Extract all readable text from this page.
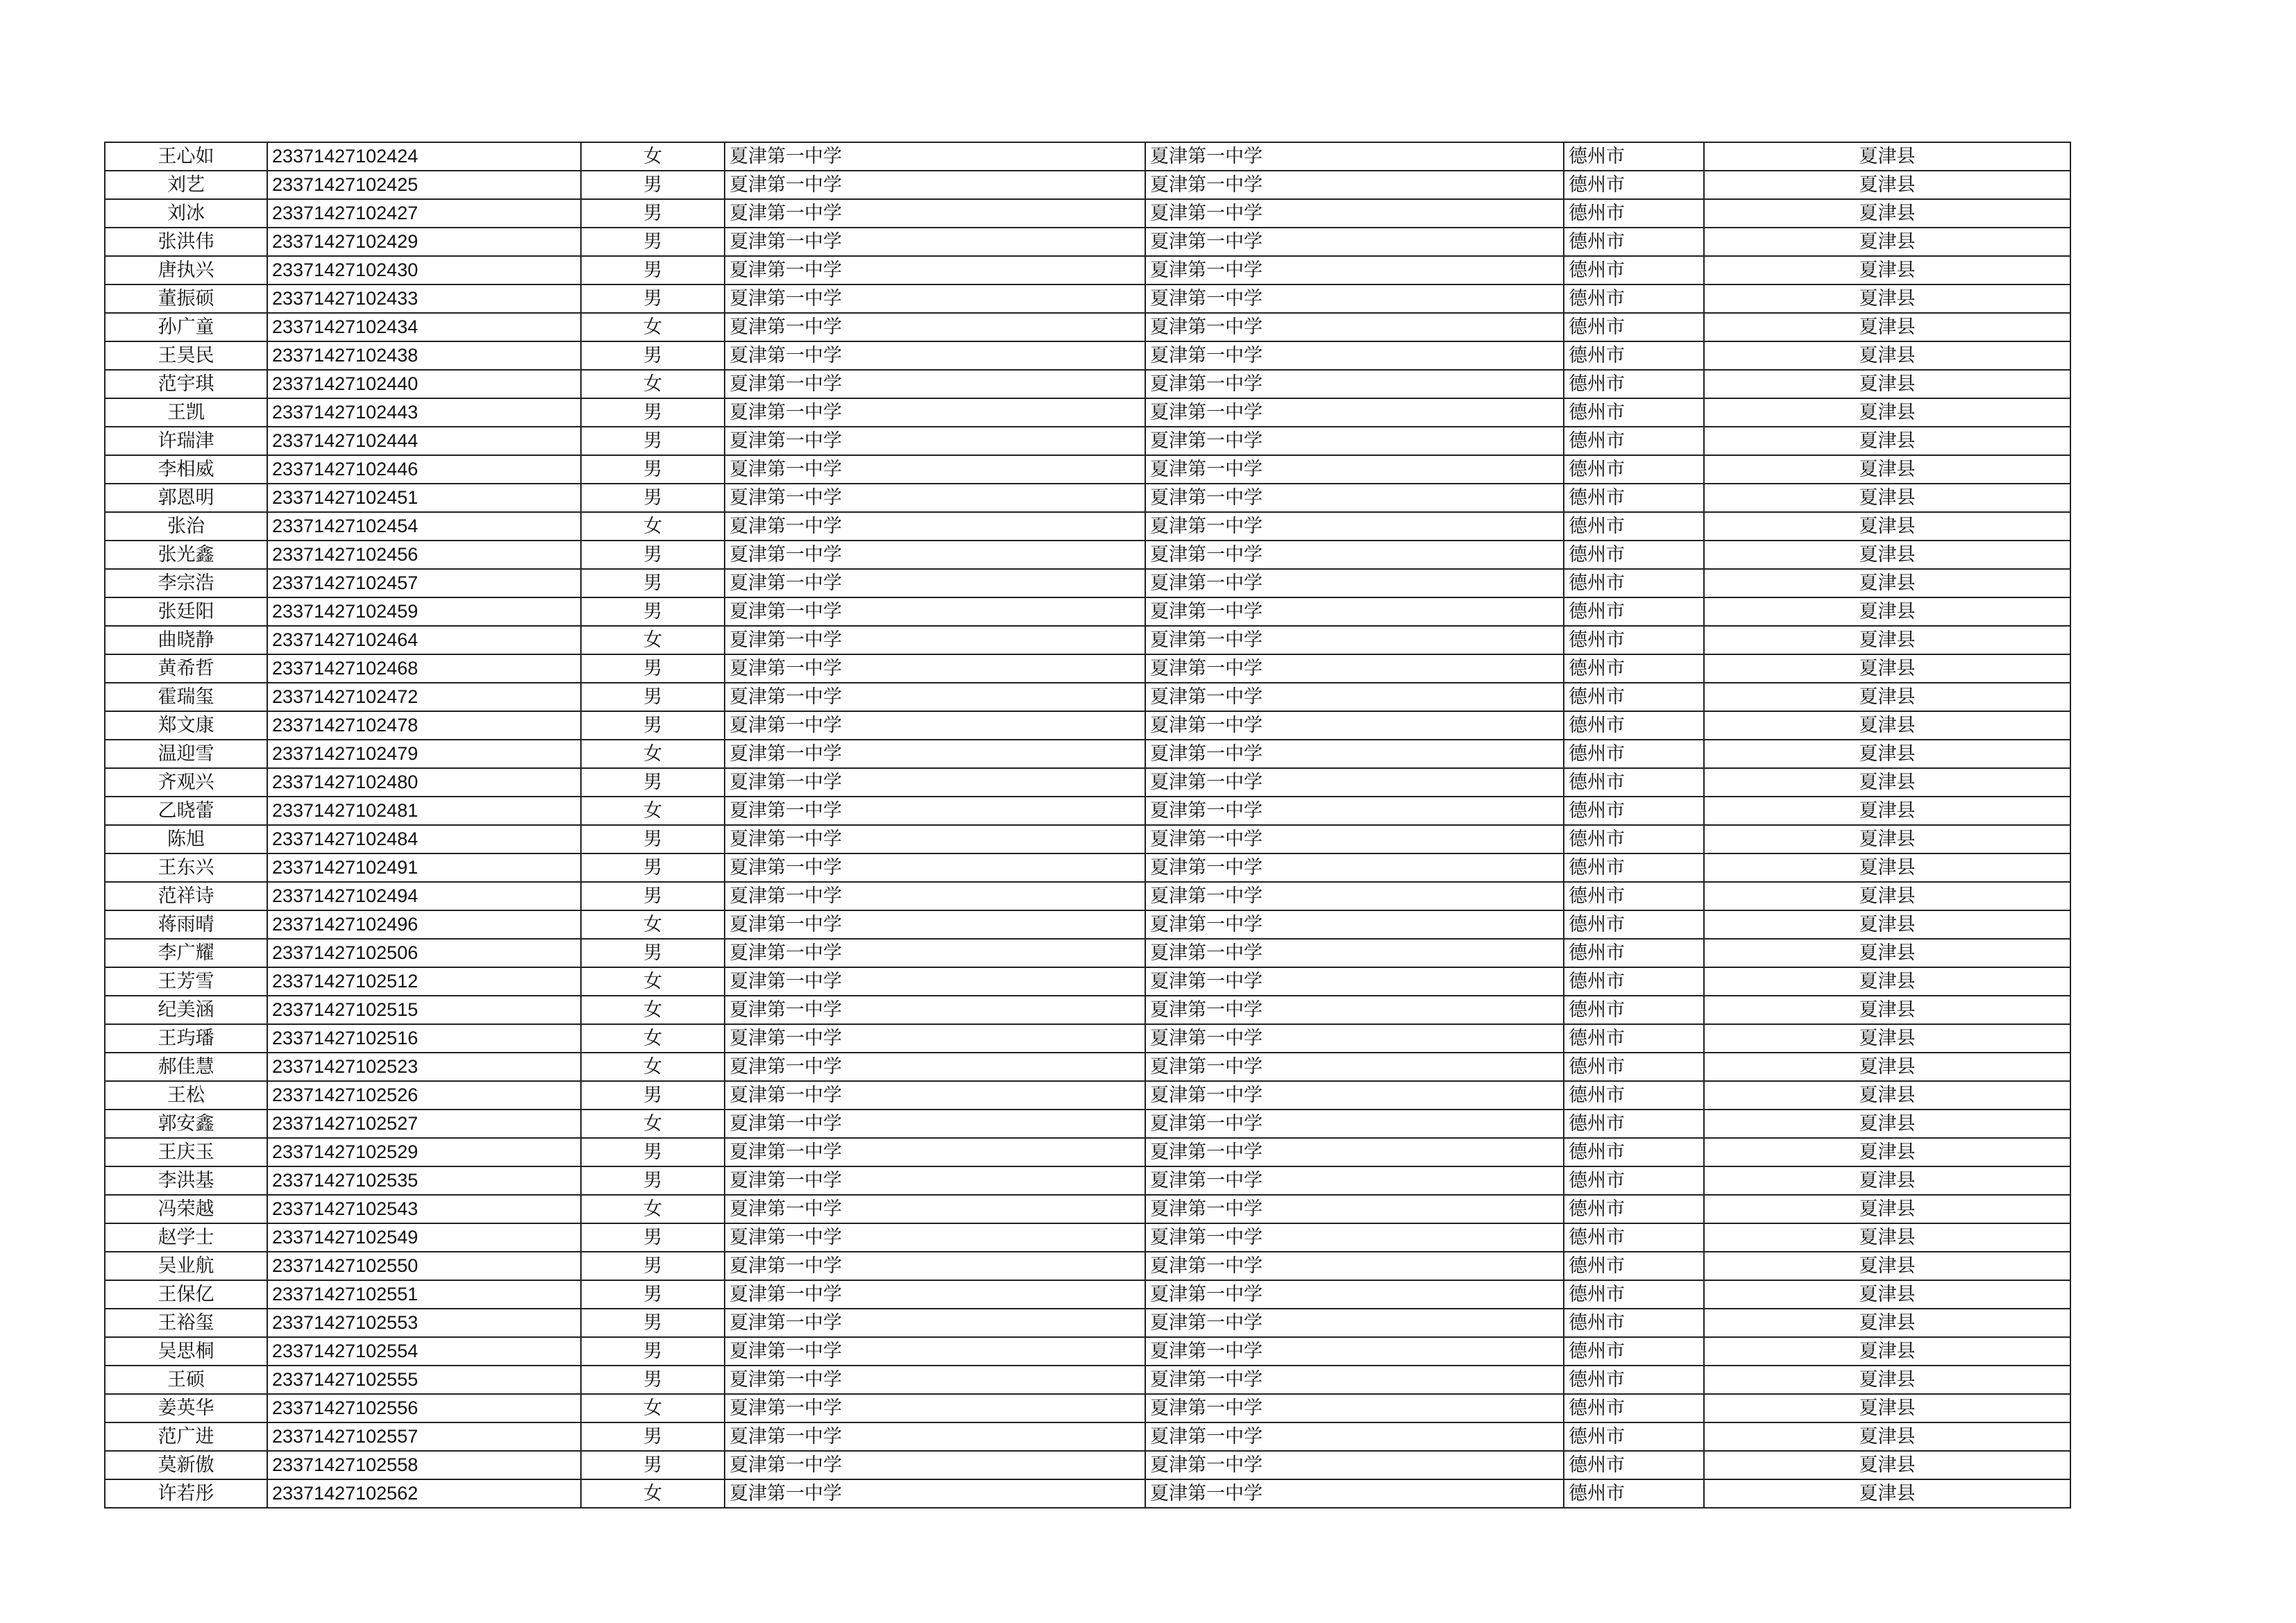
王心如	23371427102424	女	夏津第一中学	夏津第一中学	德州市	夏津县
刘艺	23371427102425	男	夏津第一中学	夏津第一中学	德州市	夏津县
刘冰	23371427102427	男	夏津第一中学	夏津第一中学	德州市	夏津县
张洪伟	23371427102429	男	夏津第一中学	夏津第一中学	德州市	夏津县
唐执兴	23371427102430	男	夏津第一中学	夏津第一中学	德州市	夏津县
董振硕	23371427102433	男	夏津第一中学	夏津第一中学	德州市	夏津县
孙广童	23371427102434	女	夏津第一中学	夏津第一中学	德州市	夏津县
王昊民	23371427102438	男	夏津第一中学	夏津第一中学	德州市	夏津县
范宇琪	23371427102440	女	夏津第一中学	夏津第一中学	德州市	夏津县
王凯	23371427102443	男	夏津第一中学	夏津第一中学	德州市	夏津县
许瑞津	23371427102444	男	夏津第一中学	夏津第一中学	德州市	夏津县
李相威	23371427102446	男	夏津第一中学	夏津第一中学	德州市	夏津县
郭恩明	23371427102451	男	夏津第一中学	夏津第一中学	德州市	夏津县
张治	23371427102454	女	夏津第一中学	夏津第一中学	德州市	夏津县
张光鑫	23371427102456	男	夏津第一中学	夏津第一中学	德州市	夏津县
李宗浩	23371427102457	男	夏津第一中学	夏津第一中学	德州市	夏津县
张廷阳	23371427102459	男	夏津第一中学	夏津第一中学	德州市	夏津县
曲晓静	23371427102464	女	夏津第一中学	夏津第一中学	德州市	夏津县
黄希哲	23371427102468	男	夏津第一中学	夏津第一中学	德州市	夏津县
霍瑞玺	23371427102472	男	夏津第一中学	夏津第一中学	德州市	夏津县
郑文康	23371427102478	男	夏津第一中学	夏津第一中学	德州市	夏津县
温迎雪	23371427102479	女	夏津第一中学	夏津第一中学	德州市	夏津县
齐观兴	23371427102480	男	夏津第一中学	夏津第一中学	德州市	夏津县
乙晓蕾	23371427102481	女	夏津第一中学	夏津第一中学	德州市	夏津县
陈旭	23371427102484	男	夏津第一中学	夏津第一中学	德州市	夏津县
王东兴	23371427102491	男	夏津第一中学	夏津第一中学	德州市	夏津县
范祥诗	23371427102494	男	夏津第一中学	夏津第一中学	德州市	夏津县
蒋雨晴	23371427102496	女	夏津第一中学	夏津第一中学	德州市	夏津县
李广耀	23371427102506	男	夏津第一中学	夏津第一中学	德州市	夏津县
王芳雪	23371427102512	女	夏津第一中学	夏津第一中学	德州市	夏津县
纪美涵	23371427102515	女	夏津第一中学	夏津第一中学	德州市	夏津县
王玙璠	23371427102516	女	夏津第一中学	夏津第一中学	德州市	夏津县
郝佳慧	23371427102523	女	夏津第一中学	夏津第一中学	德州市	夏津县
王松	23371427102526	男	夏津第一中学	夏津第一中学	德州市	夏津县
郭安鑫	23371427102527	女	夏津第一中学	夏津第一中学	德州市	夏津县
王庆玉	23371427102529	男	夏津第一中学	夏津第一中学	德州市	夏津县
李洪基	23371427102535	男	夏津第一中学	夏津第一中学	德州市	夏津县
冯荣越	23371427102543	女	夏津第一中学	夏津第一中学	德州市	夏津县
赵学士	23371427102549	男	夏津第一中学	夏津第一中学	德州市	夏津县
吴业航	23371427102550	男	夏津第一中学	夏津第一中学	德州市	夏津县
王保亿	23371427102551	男	夏津第一中学	夏津第一中学	德州市	夏津县
王裕玺	23371427102553	男	夏津第一中学	夏津第一中学	德州市	夏津县
吴思桐	23371427102554	男	夏津第一中学	夏津第一中学	德州市	夏津县
王硕	23371427102555	男	夏津第一中学	夏津第一中学	德州市	夏津县
姜英华	23371427102556	女	夏津第一中学	夏津第一中学	德州市	夏津县
范广进	23371427102557	男	夏津第一中学	夏津第一中学	德州市	夏津县
莫新傲	23371427102558	男	夏津第一中学	夏津第一中学	德州市	夏津县
许若彤	23371427102562	女	夏津第一中学	夏津第一中学	德州市	夏津县
